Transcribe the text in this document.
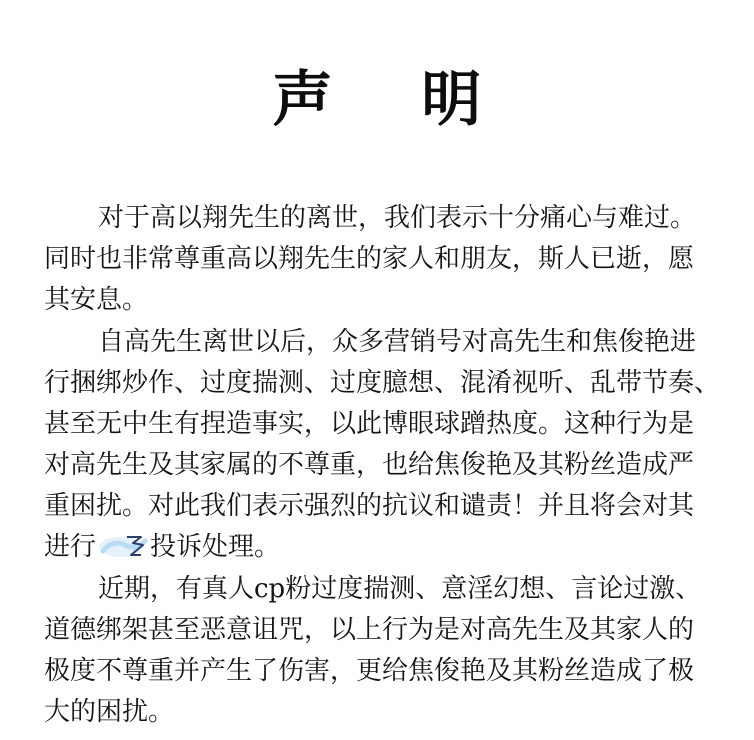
声 明
对于高以翔先生的离世，我们表示十分痛心与难过。
同时也非常尊重高以翔先生的家人和朋友，斯人已逝，愿
其安息。
自高先生离世以后，众多营销号对高先生和焦俊艳进
行捆绑炒作、过度揣测、过度臆想、混淆视听、乱带节奏、
甚至无中生有捏造事实，以此博眼球蹭热度。这种行为是
对高先生及其家属的不尊重，也给焦俊艳及其粉丝造成严
重困扰。对此我们表示强烈的抗议和谴责！并且将会对其
进行 投诉处理。
近期，有真人cp粉过度揣测、意淫幻想、言论过激、
道德绑架甚至恶意诅咒，以上行为是对高先生及其家人的
极度不尊重并产生了伤害，更给焦俊艳及其粉丝造成了极
大的困扰。
